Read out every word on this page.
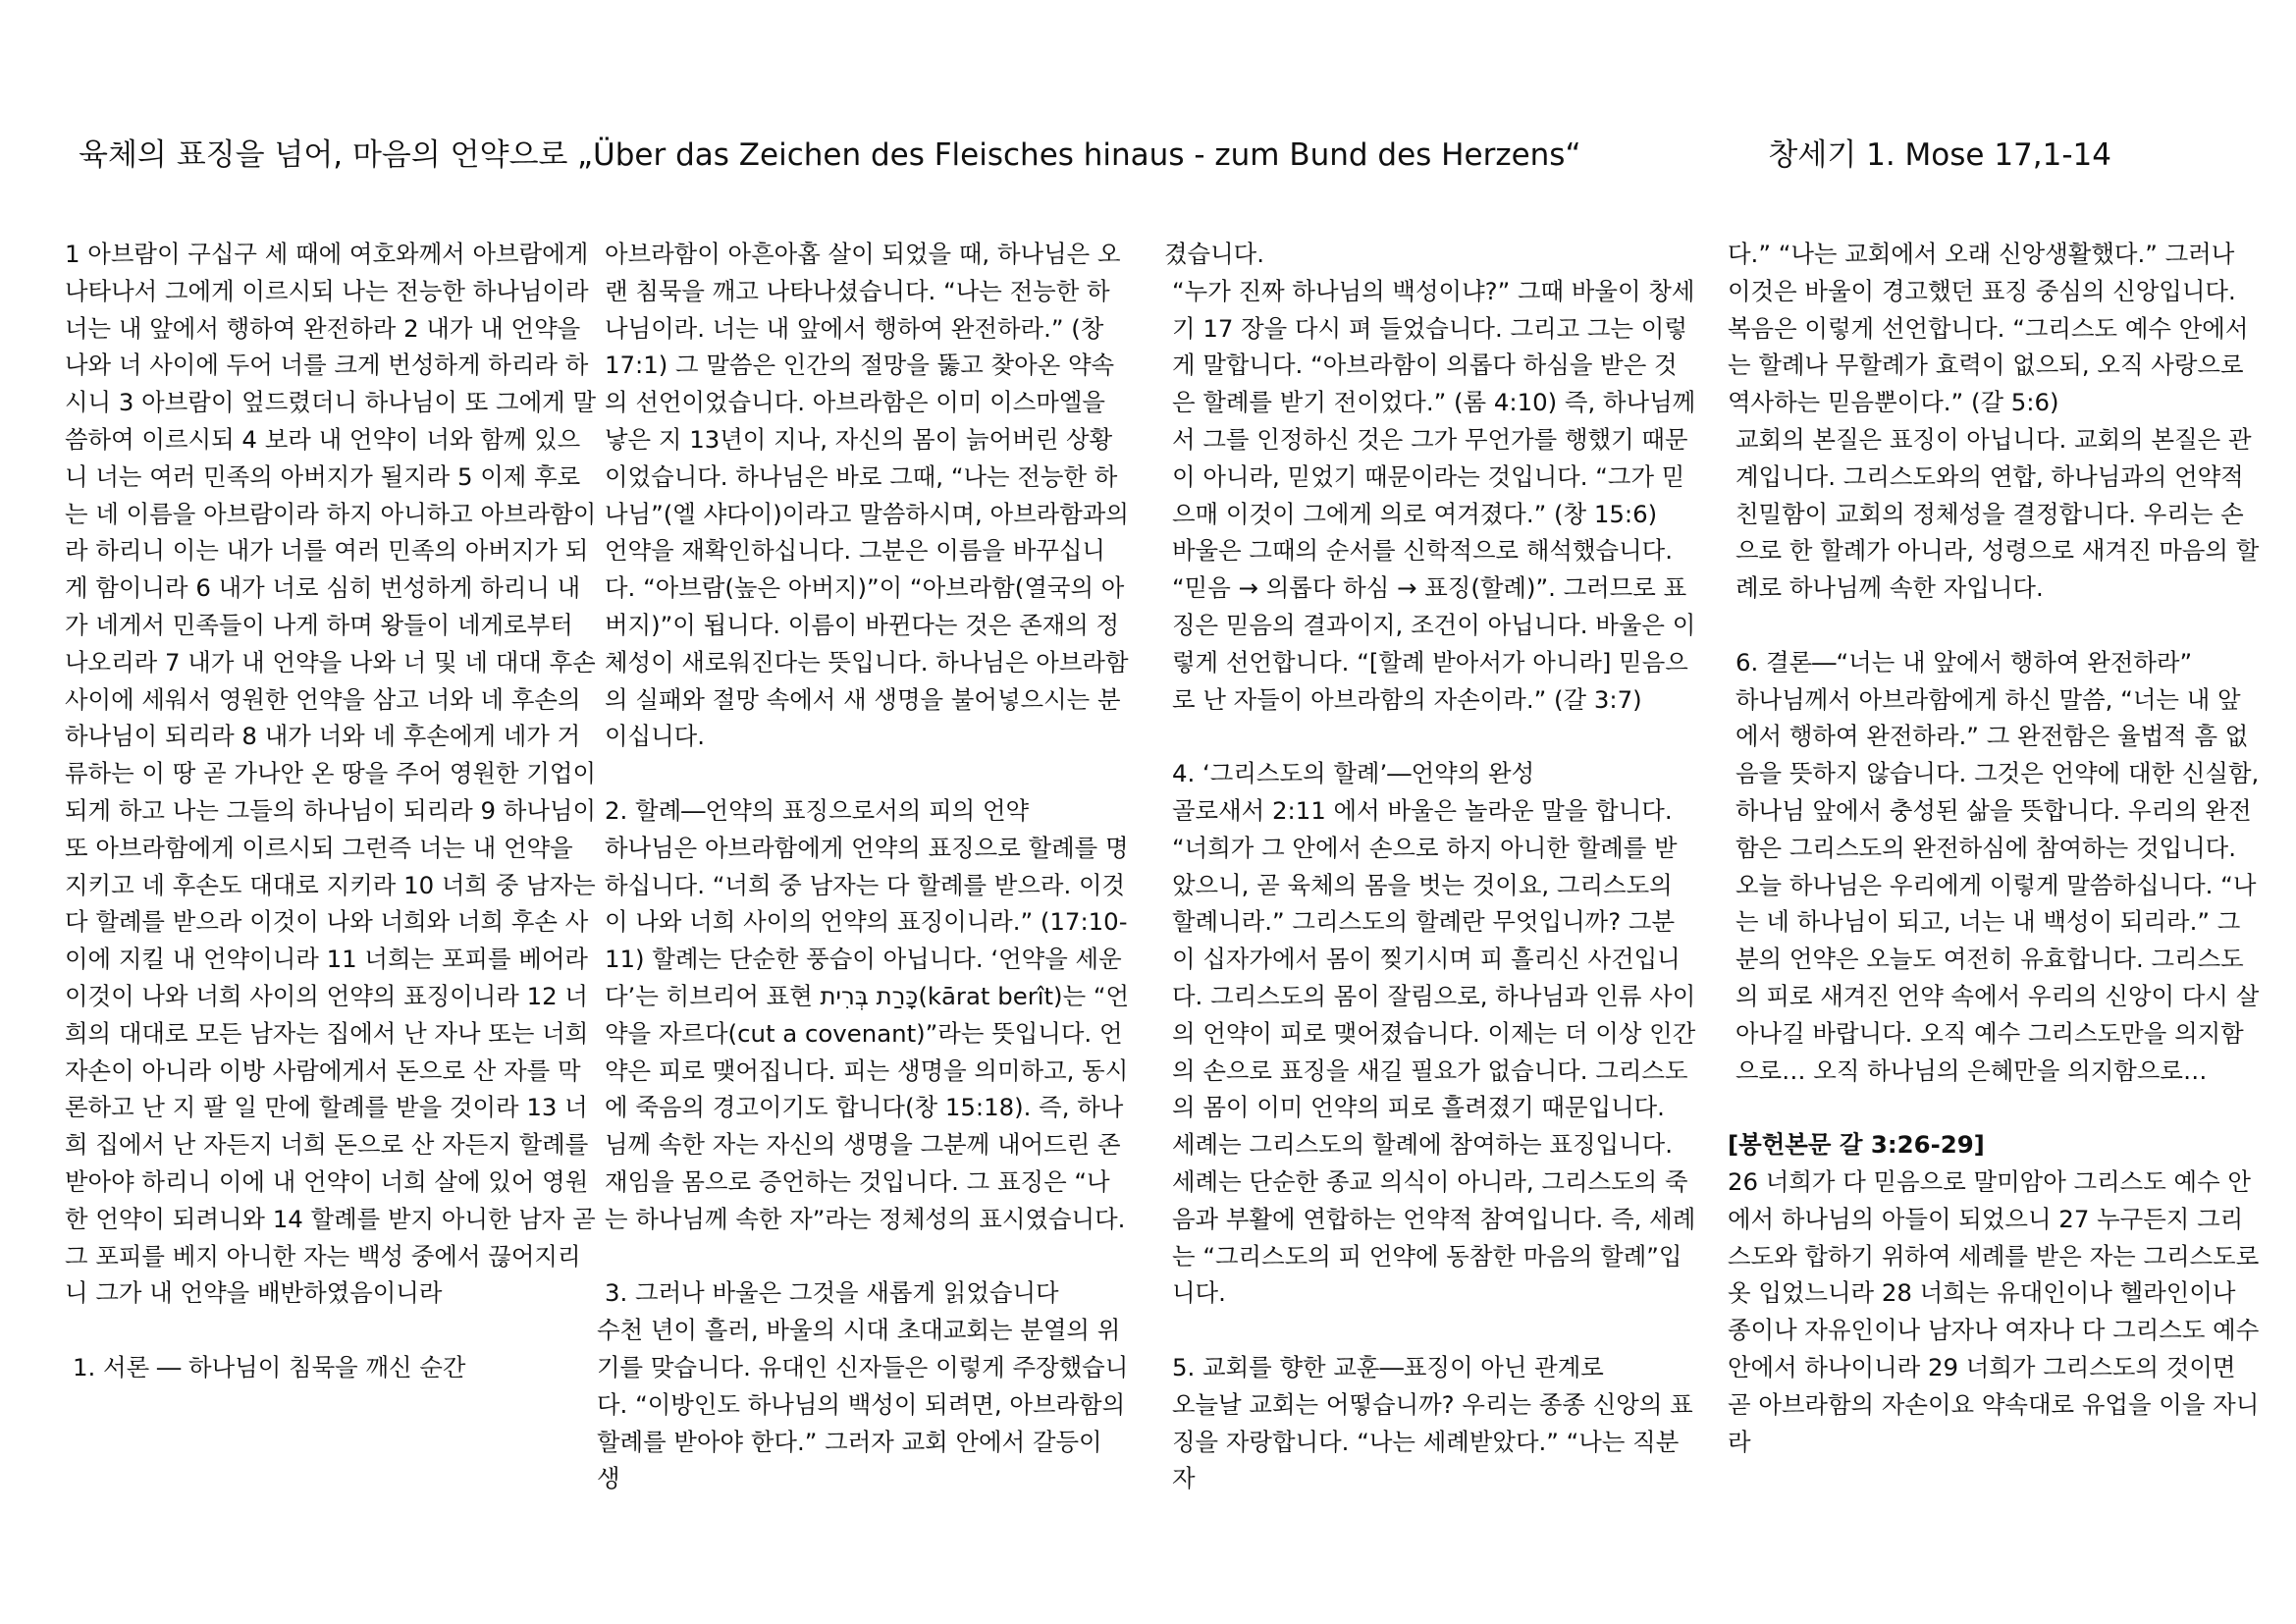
육체의 표징을 넘어, 마음의 언약으로 „Über das Zeichen des Fleisches hinaus - zum Bund des Herzens“	창세기 1. Mose 17,1-14

1 아브람이 구십구 세 때에 여호와께서 아브람에게 나타나서 그에게 이르시되 나는 전능한 하나님이라 너는 내 앞에서 행하여 완전하라 2 내가 내 언약을 나와 너 사이에 두어 너를 크게 번성하게 하리라 하시니 3 아브람이 엎드렸더니 하나님이 또 그에게 말씀하여 이르시되 4 보라 내 언약이 너와 함께 있으니 너는 여러 민족의 아버지가 될지라 5 이제 후로는 네 이름을 아브람이라 하지 아니하고 아브라함이라 하리니 이는 내가 너를 여러 민족의 아버지가 되게 함이니라 6 내가 너로 심히 번성하게 하리니 내가 네게서 민족들이 나게 하며 왕들이 네게로부터 나오리라 7 내가 내 언약을 나와 너 및 네 대대 후손 사이에 세워서 영원한 언약을 삼고 너와 네 후손의 하나님이 되리라 8 내가 너와 네 후손에게 네가 거류하는 이 땅 곧 가나안 온 땅을 주어 영원한 기업이 되게 하고 나는 그들의 하나님이 되리라 9 하나님이 또 아브라함에게 이르시되 그런즉 너는 내 언약을 지키고 네 후손도 대대로 지키라 10 너희 중 남자는 다 할례를 받으라 이것이 나와 너희와 너희 후손 사이에 지킬 내 언약이니라 11 너희는 포피를 베어라 이것이 나와 너희 사이의 언약의 표징이니라 12 너희의 대대로 모든 남자는 집에서 난 자나 또는 너희 자손이 아니라 이방 사람에게서 돈으로 산 자를 막론하고 난 지 팔 일 만에 할례를 받을 것이라 13 너희 집에서 난 자든지 너희 돈으로 산 자든지 할례를 받아야 하리니 이에 내 언약이 너희 살에 있어 영원한 언약이 되려니와 14 할례를 받지 아니한 남자 곧 그 포피를 베지 아니한 자는 백성 중에서 끊어지리니 그가 내 언약을 배반하였음이니라

1. 서론 ― 하나님이 침묵을 깨신 순간

아브라함이 아흔아홉 살이 되었을 때, 하나님은 오랜 침묵을 깨고 나타나셨습니다. “나는 전능한 하나님이라. 너는 내 앞에서 행하여 완전하라.” (창 17:1) 그 말씀은 인간의 절망을 뚫고 찾아온 약속의 선언이었습니다. 아브라함은 이미 이스마엘을 낳은 지 13년이 지나, 자신의 몸이 늙어버린 상황이었습니다. 하나님은 바로 그때, “나는 전능한 하나님”(엘 샤다이)이라고 말씀하시며, 아브라함과의 언약을 재확인하십니다. 그분은 이름을 바꾸십니다. “아브람(높은 아버지)”이 “아브라함(열국의 아버지)”이 됩니다. 이름이 바뀐다는 것은 존재의 정체성이 새로워진다는 뜻입니다. 하나님은 아브라함의 실패와 절망 속에서 새 생명을 불어넣으시는 분이십니다.

2. 할례―언약의 표징으로서의 피의 언약

하나님은 아브라함에게 언약의 표징으로 할례를 명하십니다. “너희 중 남자는 다 할례를 받으라. 이것이 나와 너희 사이의 언약의 표징이니라.” (17:10-11) 할례는 단순한 풍습이 아닙니다. ‘언약을 세운다’는 히브리어 표현 כָּרַת בְּרִית(kārat berît)는 “언약을 자르다(cut a covenant)”라는 뜻입니다. 언약은 피로 맺어집니다. 피는 생명을 의미하고, 동시에 죽음의 경고이기도 합니다(창 15:18). 즉, 하나님께 속한 자는 자신의 생명을 그분께 내어드린 존재임을 몸으로 증언하는 것입니다. 그 표징은 “나는 하나님께 속한 자”라는 정체성의 표시였습니다.

3. 그러나 바울은 그것을 새롭게 읽었습니다

수천 년이 흘러, 바울의 시대 초대교회는 분열의 위기를 맞습니다. 유대인 신자들은 이렇게 주장했습니다. “이방인도 하나님의 백성이 되려면, 아브라함의 할례를 받아야 한다.” 그러자 교회 안에서 갈등이 생

겼습니다.

“누가 진짜 하나님의 백성이냐?” 그때 바울이 창세기 17 장을 다시 펴 들었습니다. 그리고 그는 이렇게 말합니다. “아브라함이 의롭다 하심을 받은 것은 할례를 받기 전이었다.” (롬 4:10) 즉, 하나님께서 그를 인정하신 것은 그가 무언가를 행했기 때문이 아니라, 믿었기 때문이라는 것입니다. “그가 믿으매 이것이 그에게 의로 여겨졌다.” (창 15:6)

바울은 그때의 순서를 신학적으로 해석했습니다. “믿음 → 의롭다 하심 → 표징(할례)”. 그러므로 표징은 믿음의 결과이지, 조건이 아닙니다. 바울은 이렇게 선언합니다. “[할례 받아서가 아니라] 믿음으로 난 자들이 아브라함의 자손이라.” (갈 3:7)

4. ‘그리스도의 할례’―언약의 완성

골로새서 2:11 에서 바울은 놀라운 말을 합니다. “너희가 그 안에서 손으로 하지 아니한 할례를 받았으니, 곧 육체의 몸을 벗는 것이요, 그리스도의 할례니라.” 그리스도의 할례란 무엇입니까? 그분이 십자가에서 몸이 찢기시며 피 흘리신 사건입니다. 그리스도의 몸이 잘림으로, 하나님과 인류 사이의 언약이 피로 맺어졌습니다. 이제는 더 이상 인간의 손으로 표징을 새길 필요가 없습니다. 그리스도의 몸이 이미 언약의 피로 흘려졌기 때문입니다.

세례는 그리스도의 할례에 참여하는 표징입니다. 세례는 단순한 종교 의식이 아니라, 그리스도의 죽음과 부활에 연합하는 언약적 참여입니다. 즉, 세례는 “그리스도의 피 언약에 동참한 마음의 할례”입니다.

5. 교회를 향한 교훈―표징이 아닌 관계로

오늘날 교회는 어떻습니까? 우리는 종종 신앙의 표징을 자랑합니다. “나는 세례받았다.” “나는 직분자

다.” “나는 교회에서 오래 신앙생활했다.” 그러나 이것은 바울이 경고했던 표징 중심의 신앙입니다. 복음은 이렇게 선언합니다. “그리스도 예수 안에서는 할례나 무할례가 효력이 없으되, 오직 사랑으로 역사하는 믿음뿐이다.” (갈 5:6)

교회의 본질은 표징이 아닙니다. 교회의 본질은 관계입니다. 그리스도와의 연합, 하나님과의 언약적 친밀함이 교회의 정체성을 결정합니다. 우리는 손으로 한 할례가 아니라, 성령으로 새겨진 마음의 할례로 하나님께 속한 자입니다.

6. 결론―“너는 내 앞에서 행하여 완전하라”

하나님께서 아브라함에게 하신 말씀, “너는 내 앞에서 행하여 완전하라.” 그 완전함은 율법적 흠 없음을 뜻하지 않습니다. 그것은 언약에 대한 신실함, 하나님 앞에서 충성된 삶을 뜻합니다. 우리의 완전함은 그리스도의 완전하심에 참여하는 것입니다.

오늘 하나님은 우리에게 이렇게 말씀하십니다. “나는 네 하나님이 되고, 너는 내 백성이 되리라.” 그분의 언약은 오늘도 여전히 유효합니다. 그리스도의 피로 새겨진 언약 속에서 우리의 신앙이 다시 살아나길 바랍니다. 오직 예수 그리스도만을 의지함으로… 오직 하나님의 은혜만을 의지함으로…

[봉헌본문 갈 3:26-29]

26 너희가 다 믿음으로 말미암아 그리스도 예수 안에서 하나님의 아들이 되었으니 27 누구든지 그리스도와 합하기 위하여 세례를 받은 자는 그리스도로 옷 입었느니라 28 너희는 유대인이나 헬라인이나 종이나 자유인이나 남자나 여자나 다 그리스도 예수 안에서 하나이니라 29 너희가 그리스도의 것이면 곧 아브라함의 자손이요 약속대로 유업을 이을 자니라
